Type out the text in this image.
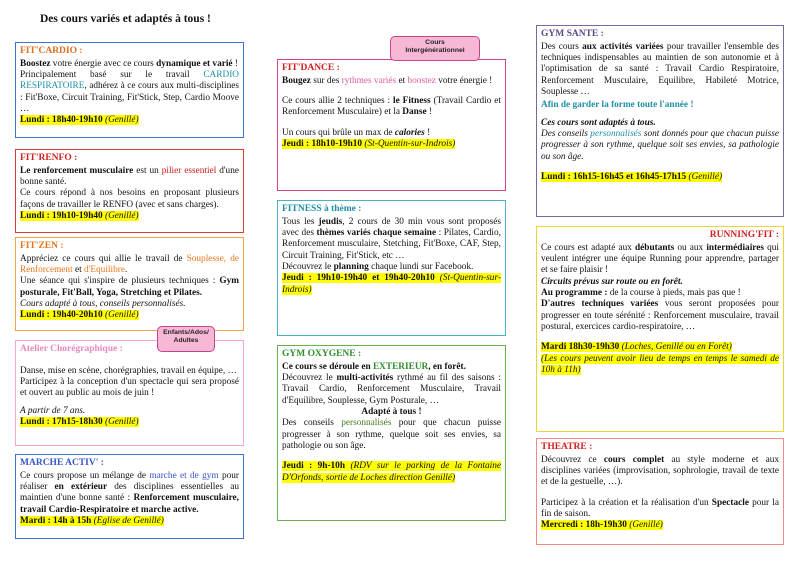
Des cours variés et adaptés à tous !
FIT'CARDIO :

Boostez votre énergie avec ce cours dynamique et varié !

Principalement basé sur le travail CARDIO RESPIRATOIRE, adhérez à ce cours aux multi-disciplines : Fit'Boxe, Circuit Training, Fit'Stick, Step, Cardio Moove …

Lundi : 18h40-19h10 (Genillé)

FIT'RENFO :

Le renforcement musculaire est un pilier essentiel d'une bonne santé.

Ce cours répond à nos besoins en proposant plusieurs façons de travailler le RENFO (avec et sans charges).

Lundi : 19h10-19h40 (Genillé)

FIT'ZEN :

Appréciez ce cours qui allie le travail de Souplesse, de Renforcement et d'Equilibre.

Une séance qui s'inspire de plusieurs techniques : Gym posturale, Fit'Ball, Yoga, Stretching et Pilates.

Cours adapté à tous, conseils personnalisés.

Lundi : 19h40-20h10 (Genillé)

Atelier Chorégraphique :

Danse, mise en scène, chorégraphies, travail en équipe, …

Participez à la conception d'un spectacle qui sera proposé et ouvert au public au mois de juin !

A partir de 7 ans.

Lundi : 17h15-18h30 (Genillé)

Enfants/Ados/ Adultes
MARCHE ACTIV' :

Ce cours propose un mélange de marche et de gym pour réaliser en extérieur des disciplines essentielles au maintien d'une bonne santé : Renforcement musculaire, travail Cardio-Respiratoire et marche active.

Mardi : 14h à 15h (Eglise de Genillé)

FIT'DANCE :

Bougez sur des rythmes variés et boostez votre énergie !

Ce cours allie 2 techniques : le Fitness (Travail Cardio et Renforcement Musculaire) et la Danse !

Un cours qui brûle un max de calories !

Jeudi : 18h10-19h10 (St-Quentin-sur-Indrois)

Cours Intergénérationnel
FITNESS à thème :

Tous les jeudis, 2 cours de 30 min vous sont proposés avec des thèmes variés chaque semaine : Pilates, Cardio, Renforcement musculaire, Stetching, Fit'Boxe, CAF, Step, Circuit Training, Fit'Stick, etc …

Découvrez le planning chaque lundi sur Facebook.

Jeudi : 19h10-19h40 et 19h40-20h10 (St-Quentin-sur-Indrois)

GYM OXYGENE :

Ce cours se déroule en EXTERIEUR, en forêt.

Découvrez le multi-activités rythmé au fil des saisons : Travail Cardio, Renforcement Musculaire, Travail d'Equilibre, Souplesse, Gym Posturale, …

Adapté à tous !

Des conseils personnalisés pour que chacun puisse progresser à son rythme, quelque soit ses envies, sa pathologie ou son âge.

Jeudi : 9h-10h (RDV sur le parking de la Fontaine D'Orfonds, sortie de Loches direction Genillé)

GYM SANTE :

Des cours aux activités variées pour travailler l'ensemble des techniques indispensables au maintien de son autonomie et à l'optimisation de sa santé : Travail Cardio Respiratoire, Renforcement Musculaire, Equilibre, Habileté Motrice, Souplesse …

Afin de garder la forme toute l'année !

Ces cours sont adaptés à tous.

Des conseils personnalisés sont donnés pour que chacun puisse progresser à son rythme, quelque soit ses envies, sa pathologie ou son âge.

Lundi : 16h15-16h45 et 16h45-17h15 (Genillé)

RUNNING'FIT :

Ce cours est adapté aux débutants ou aux intermédiaires qui veulent intégrer une équipe Running pour apprendre, partager et se faire plaisir !

Circuits prévus sur route ou en forêt.

Au programme : de la course à pieds, mais pas que !

D'autres techniques variées vous seront proposées pour progresser en toute sérénité : Renforcement musculaire, travail postural, exercices cardio-respiratoire, …

Mardi 18h30-19h30 (Loches, Genillé ou en Forêt)

(Les cours peuvent avoir lieu de temps en temps le samedi de 10h à 11h)

THEATRE :

Découvrez ce cours complet au style moderne et aux disciplines variées (improvisation, sophrologie, travail de texte et de la gestuelle, …).

Participez à la création et la réalisation d'un Spectacle pour la fin de saison.

Mercredi : 18h-19h30 (Genillé)
